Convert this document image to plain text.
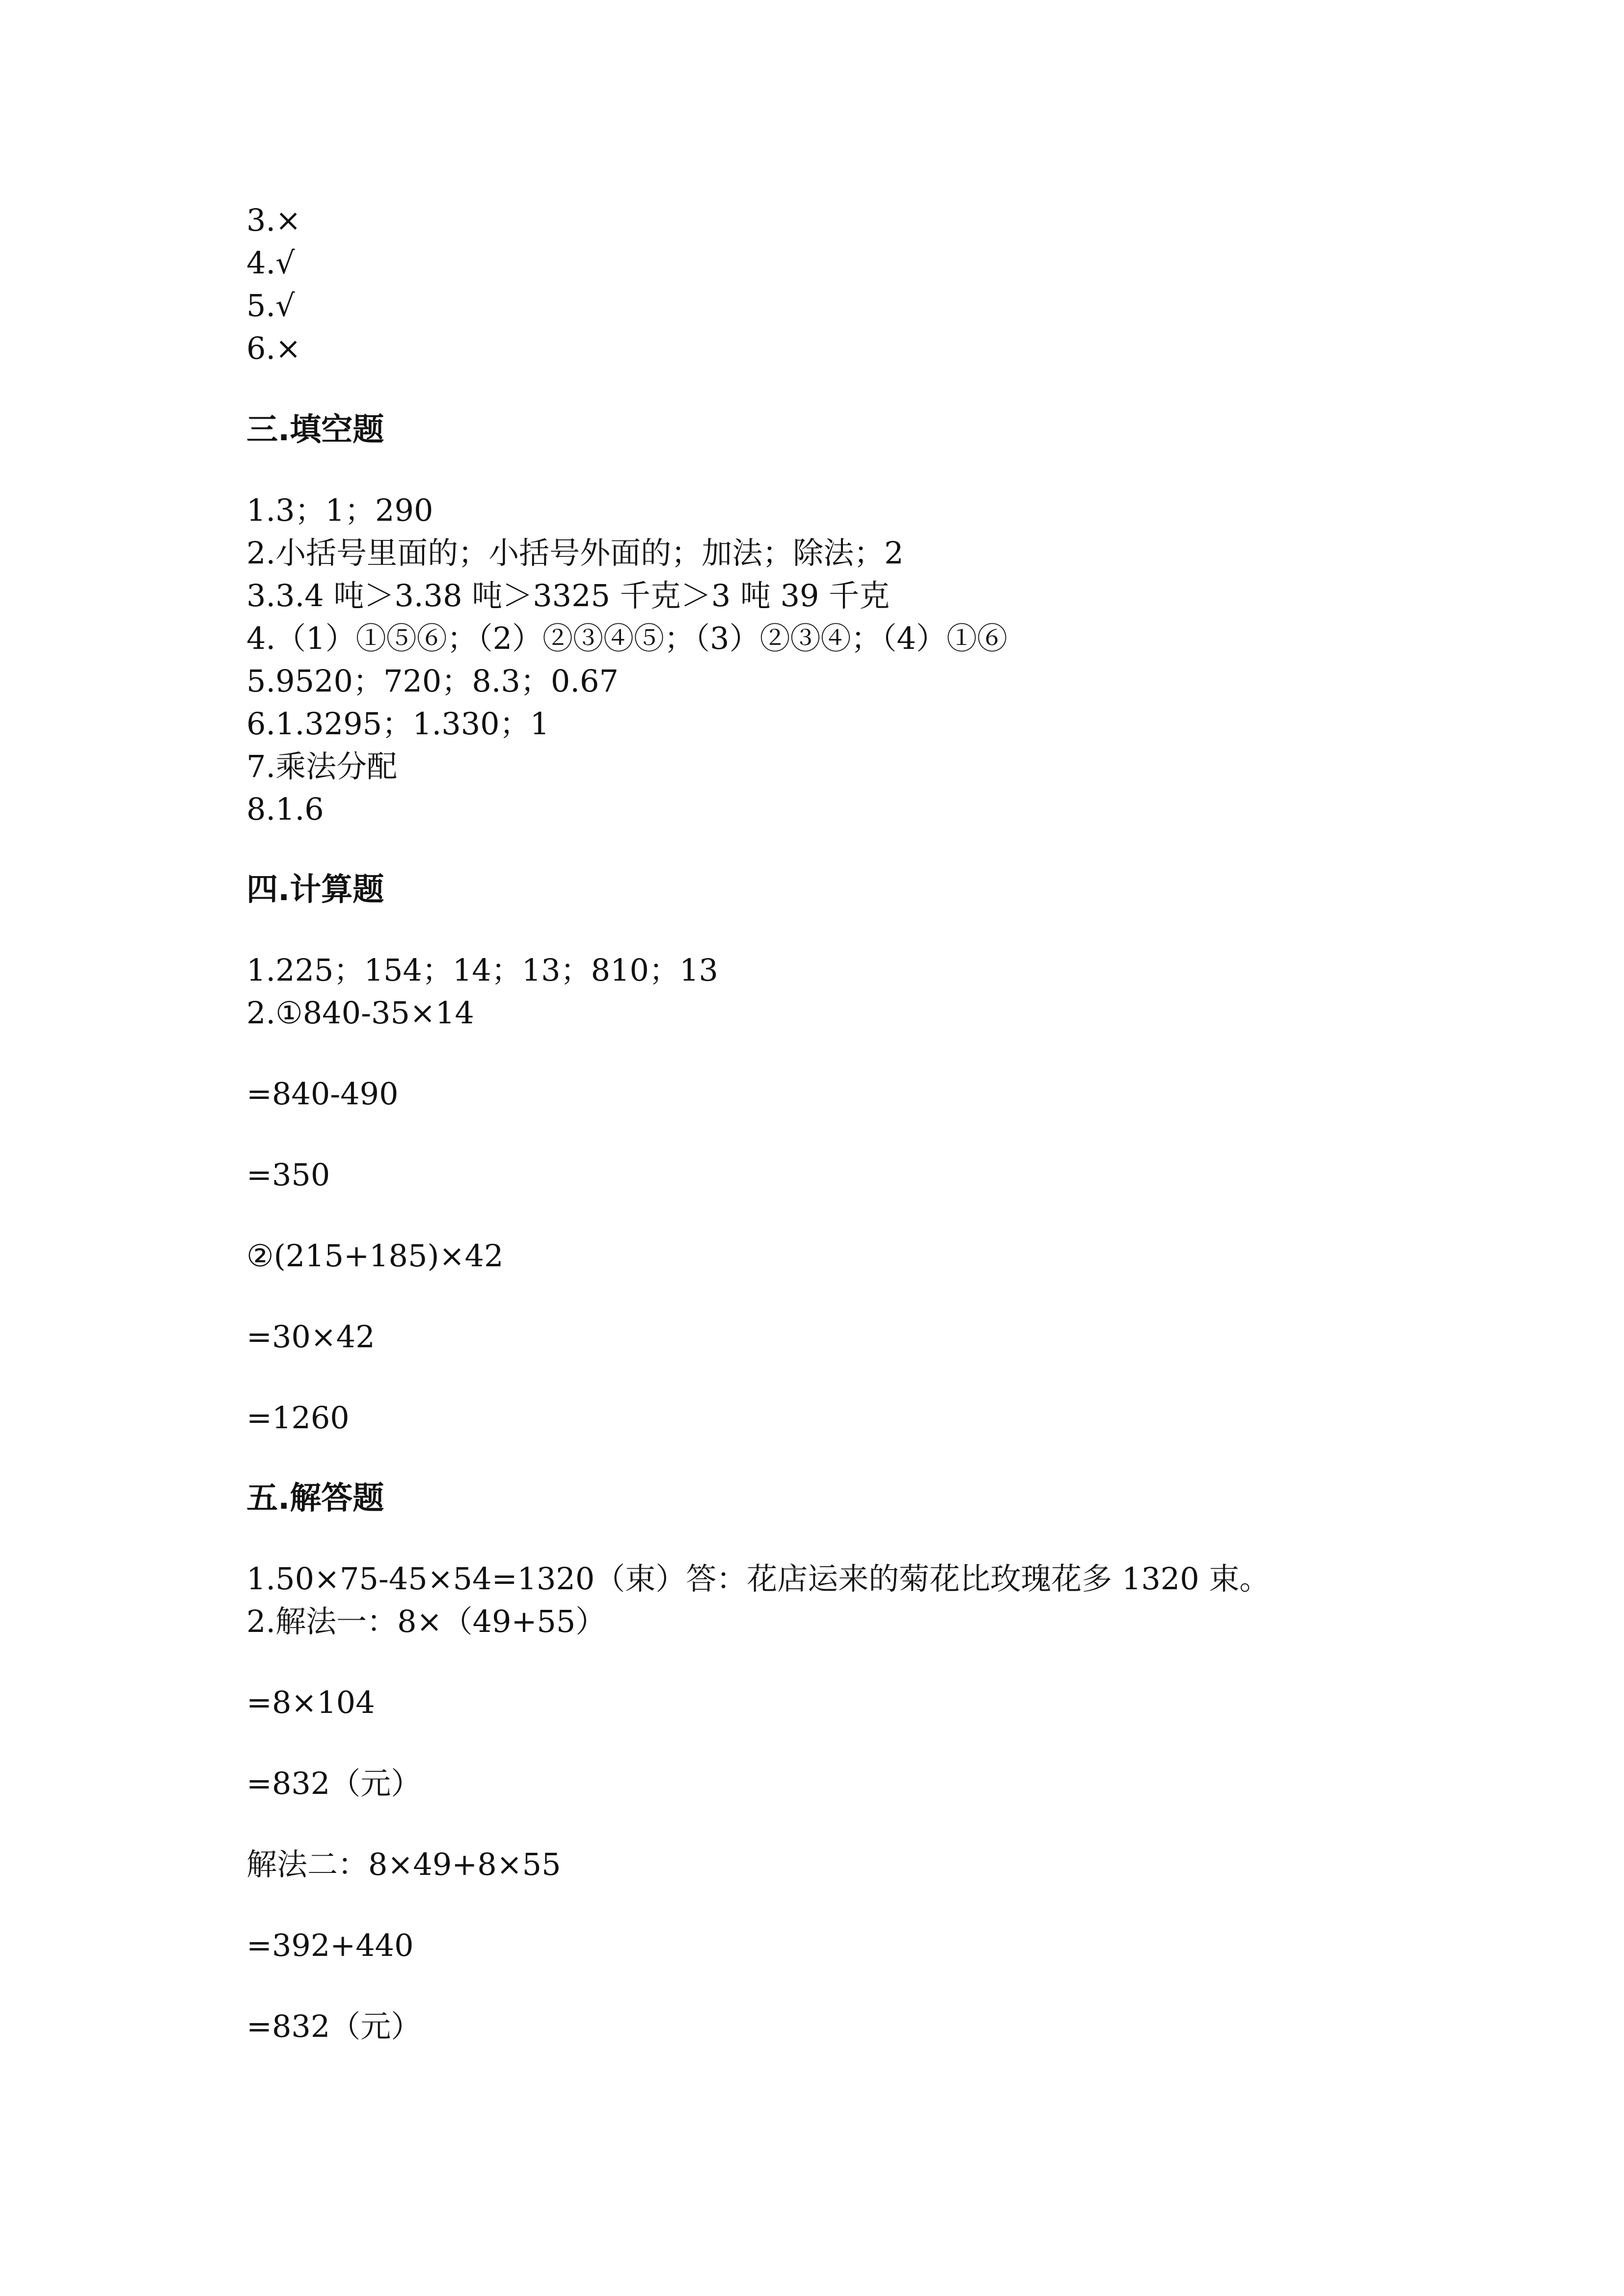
3.×
4.√
5.√
6.×
三.填空题
1.3；1；290
2.小括号里面的；小括号外面的；加法；除法；2
3.3.4 吨＞3.38 吨＞3325 千克＞3 吨 39 千克
4.（1）①⑤⑥；（2）②③④⑤；（3）②③④；（4）①⑥
5.9520；720；8.3；0.67
6.1.3295；1.330；1
7.乘法分配
8.1.6
四.计算题
1.225；154；14；13；810；13
2.①840-35×14
=840-490
=350
②(215+185)×42
=30×42
=1260
五.解答题
1.50×75-45×54=1320（束）答：花店运来的菊花比玫瑰花多 1320 束。
2.解法一：8×（49+55）
=8×104
=832（元）
解法二：8×49+8×55
=392+440
=832（元）
